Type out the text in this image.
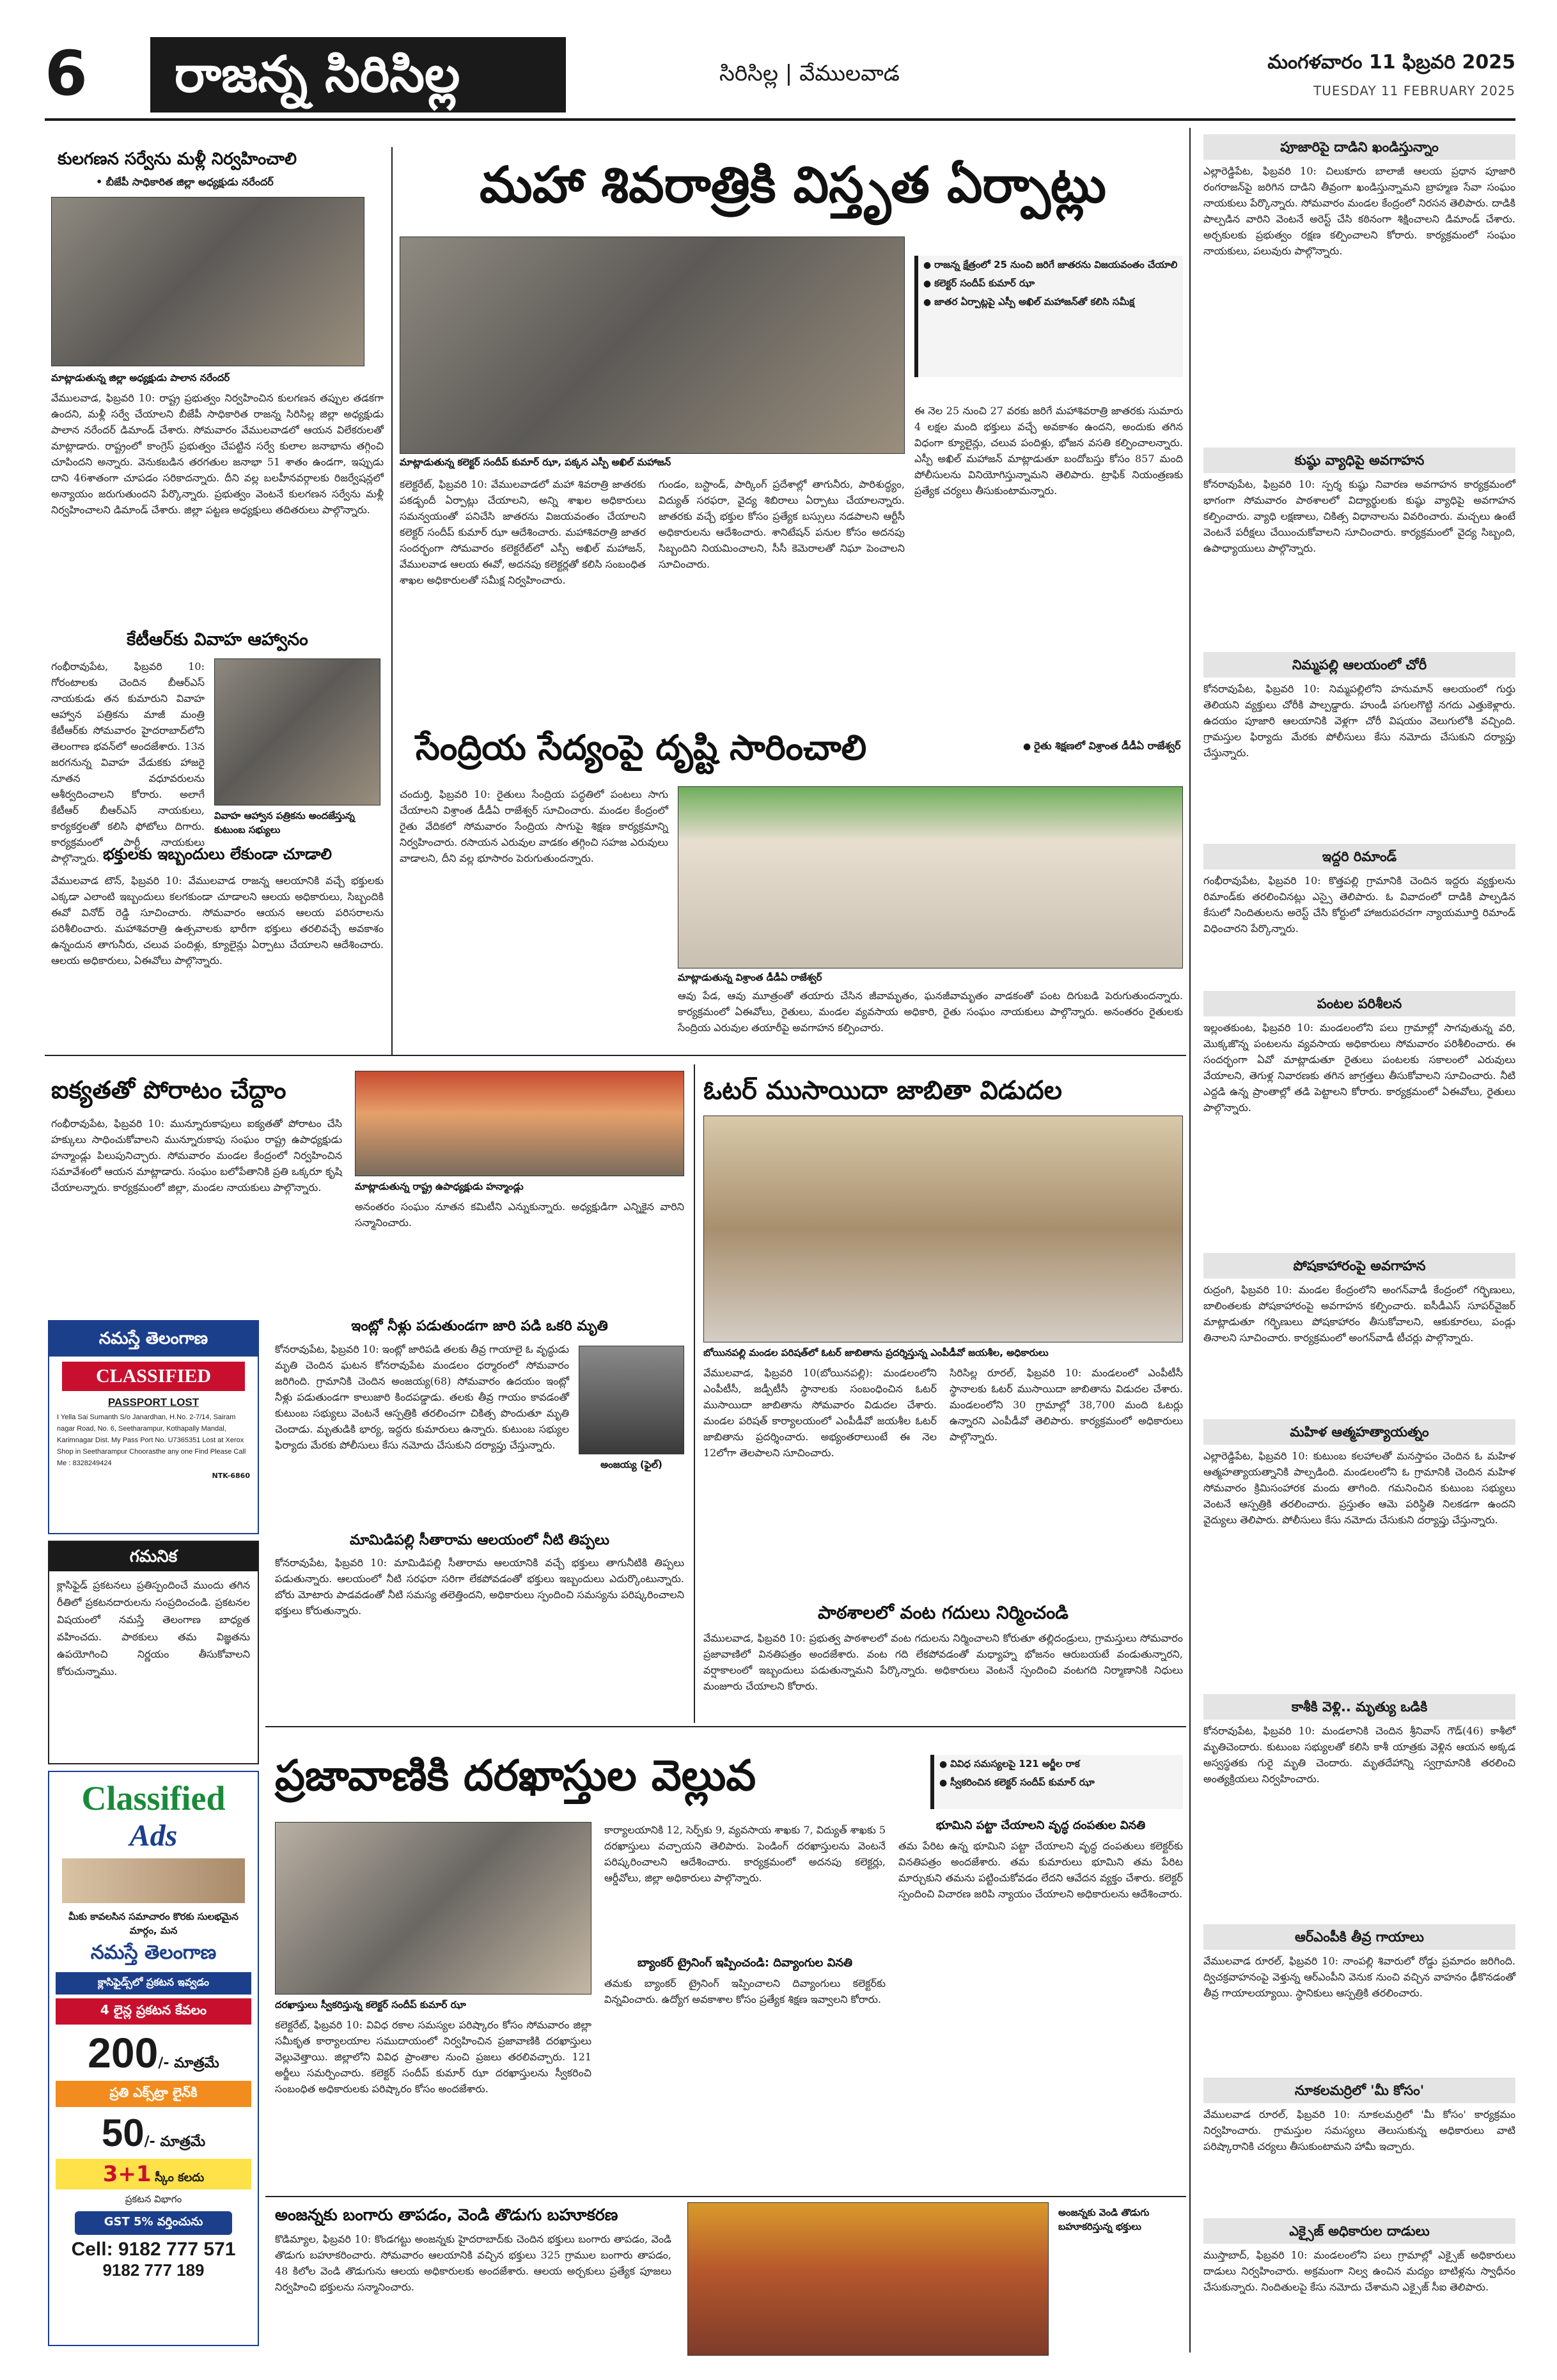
6	రాజన్న సిరిసిల్ల	సిరిసిల్ల | వేములవాడ	మంగళవారం 11 ఫిబ్రవరి 2025
TUESDAY 11 FEBRUARY 2025
కులగణన సర్వేను మళ్లీ నిర్వహించాలి
• బీజేపీ సాధికారిత జిల్లా అధ్యక్షుడు నరేందర్
మాట్లాడుతున్న జిల్లా అధ్యక్షుడు పాలాన నరేందర్
వేములవాడ, ఫిబ్రవరి 10: రాష్ట్ర ప్రభుత్వం నిర్వహించిన కులగణన తప్పుల తడకగా ఉందని, మళ్లీ సర్వే చేయాలని బీజేపీ సాధికారిత రాజన్న సిరిసిల్ల జిల్లా అధ్యక్షుడు పాలాన నరేందర్ డిమాండ్ చేశారు. సోమవారం వేములవాడలో ఆయన విలేకరులతో మాట్లాడారు. రాష్ట్రంలో కాంగ్రెస్ ప్రభుత్వం చేపట్టిన సర్వే కులాల జనాభాను తగ్గించి చూపిందని అన్నారు. వెనుకబడిన తరగతుల జనాభా 51 శాతం ఉండగా, ఇప్పుడు దాని 46శాతంగా చూపడం సరికాదన్నారు. దీని వల్ల బలహీనవర్గాలకు రిజర్వేషన్లలో అన్యాయం జరుగుతుందని పేర్కొన్నారు. ప్రభుత్వం వెంటనే కులగణన సర్వేను మళ్లీ నిర్వహించాలని డిమాండ్ చేశారు. జిల్లా పట్టణ అధ్యక్షులు తదితరులు పాల్గొన్నారు.
కేటీఆర్‌కు వివాహ ఆహ్వానం
గంభీరావుపేట, ఫిబ్రవరి 10: గోరంటాలకు చెందిన బీఆర్ఎస్ నాయకుడు తన కుమారుని వివాహ ఆహ్వాన పత్రికను మాజీ మంత్రి కేటీఆర్‌కు సోమవారం హైదరాబాద్‌లోని తెలంగాణ భవన్‌లో అందజేశారు. 13న జరగనున్న వివాహ వేడుకకు హాజరై నూతన వధూవరులను ఆశీర్వదించాలని కోరారు. అలాగే కేటీఆర్ బీఆర్ఎస్ నాయకులు, కార్యకర్తలతో కలిసి ఫోటోలు దిగారు. కార్యక్రమంలో పార్టీ నాయకులు పాల్గొన్నారు.
వివాహ ఆహ్వాన పత్రికను అందజేస్తున్న కుటుంబ సభ్యులు
భక్తులకు ఇబ్బందులు లేకుండా చూడాలి
వేములవాడ టౌన్, ఫిబ్రవరి 10: వేములవాడ రాజన్న ఆలయానికి వచ్చే భక్తులకు ఎక్కడా ఎలాంటి ఇబ్బందులు కలగకుండా చూడాలని ఆలయ అధికారులు, సిబ్బందికి ఈవో వినోద్ రెడ్డి సూచించారు. సోమవారం ఆయన ఆలయ పరిసరాలను పరిశీలించారు. మహాశివరాత్రి ఉత్సవాలకు భారీగా భక్తులు తరలివచ్చే అవకాశం ఉన్నందున తాగునీరు, చలువ పందిళ్లు, క్యూలైన్లు ఏర్పాటు చేయాలని ఆదేశించారు. ఆలయ అధికారులు, ఏఈవోలు పాల్గొన్నారు.
మహా శివరాత్రికి విస్తృత ఏర్పాట్లు
● రాజన్న క్షేత్రంలో 25 నుంచి జరిగే జాతరను విజయవంతం చేయాలి
● కలెక్టర్ సందీప్ కుమార్ ఝా
● జాతర ఏర్పాట్లపై ఎస్పీ అఖిల్ మహాజన్‌తో కలిసి సమీక్ష
మాట్లాడుతున్న కలెక్టర్ సందీప్ కుమార్ ఝా, పక్కన ఎస్పీ అఖిల్ మహాజన్
కలెక్టరేట్, ఫిబ్రవరి 10: వేములవాడలో మహా శివరాత్రి జాతరకు పకడ్బందీ ఏర్పాట్లు చేయాలని, అన్ని శాఖల అధికారులు సమన్వయంతో పనిచేసి జాతరను విజయవంతం చేయాలని కలెక్టర్ సందీప్ కుమార్ ఝా ఆదేశించారు. మహాశివరాత్రి జాతర సందర్భంగా సోమవారం కలెక్టరేట్‌లో ఎస్పీ అఖిల్ మహాజన్, వేములవాడ ఆలయ ఈవో, అదనపు కలెక్టర్లతో కలిసి సంబంధిత శాఖల అధికారులతో సమీక్ష నిర్వహించారు.
గుండం, బస్టాండ్, పార్కింగ్ ప్రదేశాల్లో తాగునీరు, పారిశుద్ధ్యం, విద్యుత్ సరఫరా, వైద్య శిబిరాలు ఏర్పాటు చేయాలన్నారు. జాతరకు వచ్చే భక్తుల కోసం ప్రత్యేక బస్సులు నడపాలని ఆర్టీసీ అధికారులను ఆదేశించారు. శానిటేషన్ పనుల కోసం అదనపు సిబ్బందిని నియమించాలని, సీసీ కెమెరాలతో నిఘా పెంచాలని సూచించారు.
ఈ నెల 25 నుంచి 27 వరకు జరిగే మహాశివరాత్రి జాతరకు సుమారు 4 లక్షల మంది భక్తులు వచ్చే అవకాశం ఉందని, అందుకు తగిన విధంగా క్యూలైన్లు, చలువ పందిళ్లు, భోజన వసతి కల్పించాలన్నారు. ఎస్పీ అఖిల్ మహాజన్ మాట్లాడుతూ బందోబస్తు కోసం 857 మంది పోలీసులను వినియోగిస్తున్నామని తెలిపారు. ట్రాఫిక్ నియంత్రణకు ప్రత్యేక చర్యలు తీసుకుంటామన్నారు.
సేంద్రియ సేద్యంపై దృష్టి సారించాలి	● రైతు శిక్షణలో విశ్రాంత డీడీఏ రాజేశ్వర్
చందుర్తి, ఫిబ్రవరి 10: రైతులు సేంద్రియ పద్ధతిలో పంటలు సాగు చేయాలని విశ్రాంత డీడీఏ రాజేశ్వర్ సూచించారు. మండల కేంద్రంలో రైతు వేదికలో సోమవారం సేంద్రియ సాగుపై శిక్షణ కార్యక్రమాన్ని నిర్వహించారు. రసాయన ఎరువుల వాడకం తగ్గించి సహజ ఎరువులు వాడాలని, దీని వల్ల భూసారం పెరుగుతుందన్నారు.
మాట్లాడుతున్న విశ్రాంత డీడీఏ రాజేశ్వర్
ఆవు పేడ, ఆవు మూత్రంతో తయారు చేసిన జీవామృతం, ఘనజీవామృతం వాడకంతో పంట దిగుబడి పెరుగుతుందన్నారు. కార్యక్రమంలో ఏఈవోలు, రైతులు, మండల వ్యవసాయ అధికారి, రైతు సంఘం నాయకులు పాల్గొన్నారు. అనంతరం రైతులకు సేంద్రియ ఎరువుల తయారీపై అవగాహన కల్పించారు.
ఐక్యతతో పోరాటం చేద్దాం
గంభీరావుపేట, ఫిబ్రవరి 10: మున్నూరుకాపులు ఐక్యతతో పోరాటం చేసి హక్కులు సాధించుకోవాలని మున్నూరుకాపు సంఘం రాష్ట్ర ఉపాధ్యక్షుడు హన్మాండ్లు పిలుపునిచ్చారు. సోమవారం మండల కేంద్రంలో నిర్వహించిన సమావేశంలో ఆయన మాట్లాడారు. సంఘం బలోపేతానికి ప్రతి ఒక్కరూ కృషి చేయాలన్నారు. కార్యక్రమంలో జిల్లా, మండల నాయకులు పాల్గొన్నారు.	మాట్లాడుతున్న రాష్ట్ర ఉపాధ్యక్షుడు హన్మాండ్లు
అనంతరం సంఘం నూతన కమిటీని ఎన్నుకున్నారు. అధ్యక్షుడిగా ఎన్నికైన వారిని సన్మానించారు.
ఓటర్ ముసాయిదా జాబితా విడుదల
బోయినపల్లి మండల పరిషత్‌లో ఓటర్ జాబితాను ప్రదర్శిస్తున్న ఎంపీడీవో జయశీల, అధికారులు
వేములవాడ, ఫిబ్రవరి 10(బోయినపల్లి): మండలంలోని ఎంపీటీసీ, జడ్పీటీసీ స్థానాలకు సంబంధించిన ఓటర్ ముసాయిదా జాబితాను సోమవారం విడుదల చేశారు. మండల పరిషత్ కార్యాలయంలో ఎంపీడీవో జయశీల ఓటర్ జాబితాను ప్రదర్శించారు. అభ్యంతరాలుంటే ఈ నెల 12లోగా తెలపాలని సూచించారు.
సిరిసిల్ల రూరల్, ఫిబ్రవరి 10: మండలంలో ఎంపీటీసీ స్థానాలకు ఓటర్ ముసాయిదా జాబితాను విడుదల చేశారు. మండలంలోని 30 గ్రామాల్లో 38,700 మంది ఓటర్లు ఉన్నారని ఎంపీడీవో తెలిపారు. కార్యక్రమంలో అధికారులు పాల్గొన్నారు.
ఇంట్లో నీళ్లు పడుతుండగా జారి పడి ఒకరి మృతి
కోనరావుపేట, ఫిబ్రవరి 10: ఇంట్లో జారిపడి తలకు తీవ్ర గాయాలై ఓ వృద్ధుడు మృతి చెందిన ఘటన కోనరావుపేట మండలం ధర్మారంలో సోమవారం జరిగింది. గ్రామానికి చెందిన అంజయ్య(68) సోమవారం ఉదయం ఇంట్లో నీళ్లు పడుతుండగా కాలుజారి కిందపడ్డాడు. తలకు తీవ్ర గాయం కావడంతో కుటుంబ సభ్యులు వెంటనే ఆస్పత్రికి తరలించగా చికిత్స పొందుతూ మృతి చెందాడు. మృతుడికి భార్య, ఇద్దరు కుమారులు ఉన్నారు. కుటుంబ సభ్యుల ఫిర్యాదు మేరకు పోలీసులు కేసు నమోదు చేసుకుని దర్యాప్తు చేస్తున్నారు.
అంజయ్య (ఫైల్)
మామిడిపల్లి సీతారామ ఆలయంలో నీటి తిప్పలు
కోనరావుపేట, ఫిబ్రవరి 10: మామిడిపల్లి సీతారామ ఆలయానికి వచ్చే భక్తులు తాగునీటికి తిప్పలు పడుతున్నారు. ఆలయంలో నీటి సరఫరా సరిగా లేకపోవడంతో భక్తులు ఇబ్బందులు ఎదుర్కొంటున్నారు. బోరు మోటారు పాడవడంతో నీటి సమస్య తలెత్తిందని, అధికారులు స్పందించి సమస్యను పరిష్కరించాలని భక్తులు కోరుతున్నారు.	పాఠశాలలో వంట గదులు నిర్మించండి
వేములవాడ, ఫిబ్రవరి 10: ప్రభుత్వ పాఠశాలలో వంట గదులను నిర్మించాలని కోరుతూ తల్లిదండ్రులు, గ్రామస్తులు సోమవారం ప్రజావాణిలో వినతిపత్రం అందజేశారు. వంట గది లేకపోవడంతో మధ్యాహ్న భోజనం ఆరుబయటే వండుతున్నారని, వర్షాకాలంలో ఇబ్బందులు పడుతున్నామని పేర్కొన్నారు. అధికారులు వెంటనే స్పందించి వంటగది నిర్మాణానికి నిధులు మంజూరు చేయాలని కోరారు.
ప్రజావాణికి దరఖాస్తుల వెల్లువ	● వివిధ సమస్యలపై 121 అర్జీల రాక
● స్వీకరించిన కలెక్టర్ సందీప్ కుమార్ ఝా
దరఖాస్తులు స్వీకరిస్తున్న కలెక్టర్ సందీప్ కుమార్ ఝా
కలెక్టరేట్, ఫిబ్రవరి 10: వివిధ రకాల సమస్యల పరిష్కారం కోసం సోమవారం జిల్లా సమీకృత కార్యాలయాల సముదాయంలో నిర్వహించిన ప్రజావాణికి దరఖాస్తులు వెల్లువెత్తాయి. జిల్లాలోని వివిధ ప్రాంతాల నుంచి ప్రజలు తరలివచ్చారు. 121 అర్జీలు సమర్పించారు. కలెక్టర్ సందీప్ కుమార్ ఝా దరఖాస్తులను స్వీకరించి సంబంధిత అధికారులకు పరిష్కారం కోసం అందజేశారు.
కార్యాలయానికి 12, సెర్ప్‌కు 9, వ్యవసాయ శాఖకు 7, విద్యుత్ శాఖకు 5 దరఖాస్తులు వచ్చాయని తెలిపారు. పెండింగ్ దరఖాస్తులను వెంటనే పరిష్కరించాలని ఆదేశించారు. కార్యక్రమంలో అదనపు కలెక్టర్లు, ఆర్డీవోలు, జిల్లా అధికారులు పాల్గొన్నారు.
బ్యాంకర్ ట్రైనింగ్ ఇప్పించండి: దివ్యాంగుల వినతి
తమకు బ్యాంకర్ ట్రైనింగ్ ఇప్పించాలని దివ్యాంగులు కలెక్టర్‌కు విన్నవించారు. ఉద్యోగ అవకాశాల కోసం ప్రత్యేక శిక్షణ ఇవ్వాలని కోరారు.
భూమిని పట్టా చేయాలని వృద్ధ దంపతుల వినతి
తమ పేరిట ఉన్న భూమిని పట్టా చేయాలని వృద్ధ దంపతులు కలెక్టర్‌కు వినతిపత్రం అందజేశారు. తమ కుమారులు భూమిని తమ పేరిట మార్చుకుని తమను పట్టించుకోవడం లేదని ఆవేదన వ్యక్తం చేశారు. కలెక్టర్ స్పందించి విచారణ జరిపి న్యాయం చేయాలని అధికారులను ఆదేశించారు.
అంజన్నకు బంగారు తాపడం, వెండి తొడుగు బహూకరణ
కొడిమ్యాల, ఫిబ్రవరి 10: కొండగట్టు అంజన్నకు హైదరాబాద్‌కు చెందిన భక్తులు బంగారు తాపడం, వెండి తొడుగు బహూకరించారు. సోమవారం ఆలయానికి వచ్చిన భక్తులు 325 గ్రాముల బంగారు తాపడం, 48 కిలోల వెండి తొడుగును ఆలయ అధికారులకు అందజేశారు. ఆలయ అర్చకులు ప్రత్యేక పూజలు నిర్వహించి భక్తులను సన్మానించారు.
అంజన్నకు వెండి తొడుగు బహూకరిస్తున్న భక్తులు
నమస్తే తెలంగాణ
CLASSIFIED
PASSPORT LOST
I Yella Sai Sumanth S/o Janardhan, H.No. 2-7/14, Sairam nagar Road, No. 6, Seetharampur, Kothapally Mandal, Karimnagar Dist. My Pass Port No. U7365351 Lost at Xerox Shop in Seetharampur Choorasthe any one Find Please Call Me : 8328249424
NTK-6860
గమనిక
క్లాసిఫైడ్ ప్రకటనలు ప్రతిస్పందించే ముందు తగిన రీతిలో ప్రకటనదారులను సంప్రదించండి. ప్రకటనల విషయంలో నమస్తే తెలంగాణ బాధ్యత వహించదు. పాఠకులు తమ విజ్ఞతను ఉపయోగించి నిర్ణయం తీసుకోవాలని కోరుచున్నాము.
Classified
Ads
మీకు కావలసిన సమాచారం కొరకు సులభమైన మార్గం, మన
నమస్తే తెలంగాణ
క్లాసిఫైడ్స్‌లో ప్రకటన ఇవ్వడం
4 లైన్ల ప్రకటన కేవలం
200/- మాత్రమే
ప్రతి ఎక్స్‌ట్రా లైన్‌కి
50/- మాత్రమే
3+1 స్కీం కలదు
ప్రకటన విభాగం
GST 5% వర్తించును
Cell: 9182 777 571
9182 777 189
పూజారిపై దాడిని ఖండిస్తున్నాం
ఎల్లారెడ్డిపేట, ఫిబ్రవరి 10: చిలుకూరు బాలాజీ ఆలయ ప్రధాన పూజారి రంగరాజన్‌పై జరిగిన దాడిని తీవ్రంగా ఖండిస్తున్నామని బ్రాహ్మణ సేవా సంఘం నాయకులు పేర్కొన్నారు. సోమవారం మండల కేంద్రంలో నిరసన తెలిపారు. దాడికి పాల్పడిన వారిని వెంటనే అరెస్ట్ చేసి కఠినంగా శిక్షించాలని డిమాండ్ చేశారు. అర్చకులకు ప్రభుత్వం రక్షణ కల్పించాలని కోరారు. కార్యక్రమంలో సంఘం నాయకులు, పలువురు పాల్గొన్నారు.
కుష్ఠు వ్యాధిపై అవగాహన
కోనరావుపేట, ఫిబ్రవరి 10: స్పర్శ కుష్ఠు నివారణ అవగాహన కార్యక్రమంలో భాగంగా సోమవారం పాఠశాలలో విద్యార్థులకు కుష్ఠు వ్యాధిపై అవగాహన కల్పించారు. వ్యాధి లక్షణాలు, చికిత్స విధానాలను వివరించారు. మచ్చలు ఉంటే వెంటనే పరీక్షలు చేయించుకోవాలని సూచించారు. కార్యక్రమంలో వైద్య సిబ్బంది, ఉపాధ్యాయులు పాల్గొన్నారు.
నిమ్మపల్లి ఆలయంలో చోరీ
కోనరావుపేట, ఫిబ్రవరి 10: నిమ్మపల్లిలోని హనుమాన్ ఆలయంలో గుర్తు తెలియని వ్యక్తులు చోరీకి పాల్పడ్డారు. హుండీ పగులగొట్టి నగదు ఎత్తుకెళ్లారు. ఉదయం పూజారి ఆలయానికి వెళ్లగా చోరీ విషయం వెలుగులోకి వచ్చింది. గ్రామస్తుల ఫిర్యాదు మేరకు పోలీసులు కేసు నమోదు చేసుకుని దర్యాప్తు చేస్తున్నారు.
ఇద్దరి రిమాండ్
గంభీరావుపేట, ఫిబ్రవరి 10: కొత్తపల్లి గ్రామానికి చెందిన ఇద్దరు వ్యక్తులను రిమాండ్‌కు తరలించినట్లు ఎస్సై తెలిపారు. ఓ వివాదంలో దాడికి పాల్పడిన కేసులో నిందితులను అరెస్ట్ చేసి కోర్టులో హాజరుపరచగా న్యాయమూర్తి రిమాండ్ విధించారని పేర్కొన్నారు.
పంటల పరిశీలన
ఇల్లంతకుంట, ఫిబ్రవరి 10: మండలంలోని పలు గ్రామాల్లో సాగవుతున్న వరి, మొక్కజొన్న పంటలను వ్యవసాయ అధికారులు సోమవారం పరిశీలించారు. ఈ సందర్భంగా ఏవో మాట్లాడుతూ రైతులు పంటలకు సకాలంలో ఎరువులు వేయాలని, తెగుళ్ల నివారణకు తగిన జాగ్రత్తలు తీసుకోవాలని సూచించారు. నీటి ఎద్దడి ఉన్న ప్రాంతాల్లో తడి పెట్టాలని కోరారు. కార్యక్రమంలో ఏఈవోలు, రైతులు పాల్గొన్నారు.
పోషకాహారంపై అవగాహన
రుద్రంగి, ఫిబ్రవరి 10: మండల కేంద్రంలోని అంగన్‌వాడీ కేంద్రంలో గర్భిణులు, బాలింతలకు పోషకాహారంపై అవగాహన కల్పించారు. ఐసీడీఎస్ సూపర్‌వైజర్ మాట్లాడుతూ గర్భిణులు పోషకాహారం తీసుకోవాలని, ఆకుకూరలు, పండ్లు తినాలని సూచించారు. కార్యక్రమంలో అంగన్‌వాడీ టీచర్లు పాల్గొన్నారు.
మహిళ ఆత్మహత్యాయత్నం
ఎల్లారెడ్డిపేట, ఫిబ్రవరి 10: కుటుంబ కలహాలతో మనస్తాపం చెందిన ఓ మహిళ ఆత్మహత్యాయత్నానికి పాల్పడింది. మండలంలోని ఓ గ్రామానికి చెందిన మహిళ సోమవారం క్రిమిసంహారక మందు తాగింది. గమనించిన కుటుంబ సభ్యులు వెంటనే ఆస్పత్రికి తరలించారు. ప్రస్తుతం ఆమె పరిస్థితి నిలకడగా ఉందని వైద్యులు తెలిపారు. పోలీసులు కేసు నమోదు చేసుకుని దర్యాప్తు చేస్తున్నారు.
కాశీకి వెళ్లి.. మృత్యు ఒడికి
కోనరావుపేట, ఫిబ్రవరి 10: మండలానికి చెందిన శ్రీనివాస్ గౌడ్(46) కాశీలో మృతిచెందారు. కుటుంబ సభ్యులతో కలిసి కాశీ యాత్రకు వెళ్లిన ఆయన అక్కడ అస్వస్థతకు గురై మృతి చెందారు. మృతదేహాన్ని స్వగ్రామానికి తరలించి అంత్యక్రియలు నిర్వహించారు.
ఆర్ఎంపీకి తీవ్ర గాయాలు
వేములవాడ రూరల్, ఫిబ్రవరి 10: నాంపల్లి శివారులో రోడ్డు ప్రమాదం జరిగింది. ద్విచక్రవాహనంపై వెళ్తున్న ఆర్ఎంపీని వెనుక నుంచి వచ్చిన వాహనం ఢీకొనడంతో తీవ్ర గాయాలయ్యాయి. స్థానికులు ఆస్పత్రికి తరలించారు.
నూకలమర్రిలో 'మీ కోసం'
వేములవాడ రూరల్, ఫిబ్రవరి 10: నూకలమర్రిలో 'మీ కోసం' కార్యక్రమం నిర్వహించారు. గ్రామస్తుల సమస్యలు తెలుసుకున్న అధికారులు వాటి పరిష్కారానికి చర్యలు తీసుకుంటామని హామీ ఇచ్చారు.
ఎక్సైజ్ అధికారుల దాడులు
ముస్తాబాద్, ఫిబ్రవరి 10: మండలంలోని పలు గ్రామాల్లో ఎక్సైజ్ అధికారులు దాడులు నిర్వహించారు. అక్రమంగా నిల్వ ఉంచిన మద్యం బాటిళ్లను స్వాధీనం చేసుకున్నారు. నిందితులపై కేసు నమోదు చేశామని ఎక్సైజ్ సీఐ తెలిపారు.
